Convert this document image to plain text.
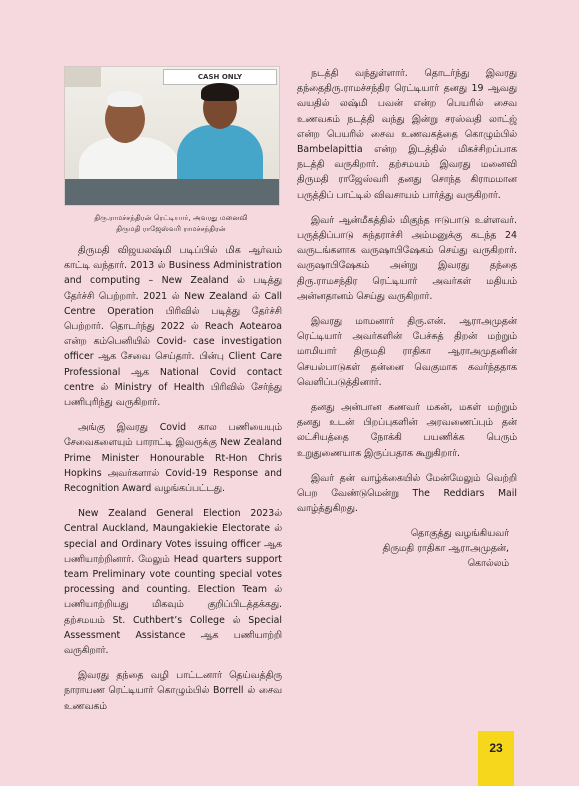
CASH ONLY
திரு.ராமச்சந்திரன் ரெட்டியார், அவரது மனைவி
திருமதி ராஜேஸ்வரி ராமச்சந்திரன்

திருமதி விஜயலஷ்மி படிப்பில் மிக ஆர்வம் காட்டி வந்தார். 2013 ல் Business Administration and computing – New Zealand ல் படித்து தேர்ச்சி பெற்றார். 2021 ல் New Zealand ல் Call Centre Operation பிரிவில் படித்து தேர்ச்சி பெற்றார். தொடர்ந்து 2022 ல் Reach Aotearoa என்ற கம்பெனியில் Covid- case investigation officer ஆக சேவை செய்தார். பின்பு Client Care Professional ஆக National Covid contact centre ல் Ministry of Health பிரிவில் சேர்ந்து பணிபுரிந்து வருகிறார்.

அங்கு இவரது Covid கால பணியையும் சேவைகளையும் பாராட்டி இவருக்கு New Zealand Prime Minister Honourable Rt-Hon Chris Hopkins அவர்களால் Covid-19 Response and Recognition Award வழங்கப்பட்டது.

New Zealand General Election 2023ல் Central Auckland, Maungakiekie Electorate ல் special and Ordinary Votes issuing officer ஆக பணியாற்றினார். மேலும் Head quarters support team Preliminary vote counting special votes processing and counting. Election Team ல் பணியாற்றியது மிகவும் குறிப்பிடத்தக்கது. தற்சமயம் St. Cuthbert’s College ல் Special Assessment Assistance ஆக பணியாற்றி வருகிறார்.

இவரது தந்தை வழி பாட்டனார் தெய்வத்திரு நாராயண ரெட்டியார் கொழும்பில் Borrell ல் சைவ உணவகம்

நடத்தி வந்துள்ளார். தொடர்ந்து இவரது தந்தைதிரு.ராமச்சந்திர ரெட்டியார் தனது 19 ஆவது வயதில் லஷ்மி பவன் என்ற பெயரில் சைவ உணவகம் நடத்தி வந்து இன்று சரஸ்வதி லாட்ஜ் என்ற பெயரில் சைவ உணவகத்தை கொழும்பில் Bambelapittia என்ற இடத்தில் மிகச்சிறப்பாக நடத்தி வருகிறார். தற்சமயம் இவரது மனைவி திருமதி ராஜேஸ்வரி தனது சொந்த கிராமமான பருத்திப் பாட்டில் விவசாயம் பார்த்து வருகிறார்.

இவர் ஆன்மீகத்தில் மிகுந்த ஈடுபாடு உள்ளவர். பருத்திப்பாடு சுந்தராச்சி அம்மனுக்கு கடந்த 24 வருடங்களாக வருஷாபிஷேகம் செய்து வருகிறார். வருஷாபிஷேகம் அன்று இவரது தந்தை திரு.ராமசந்திர ரெட்டியார் அவர்கள் மதியம் அன்னதானம் செய்து வருகிறார்.

இவரது மாமனார் திரு.என். ஆராஅமுதன் ரெட்டியார் அவர்களின் பேச்சுத் திறன் மற்றும் மாமியார் திருமதி ராதிகா ஆராஅமுதனின் செயல்பாடுகள் தன்னை வெகுமாக கவர்ந்ததாக வெளிப்படுத்தினார்.

தனது அன்பான கணவர் மகன், மகள் மற்றும் தனது உடன் பிறப்புகளின் அரவணைப்பும் தன் லட்சியத்தை நோக்கி பயணிக்க பெரும் உறுதுணையாக இருப்பதாக கூறுகிறார்.

இவர் தன் வாழ்க்கையில் மேன்மேலும் வெற்றி பெற வேண்டுமென்று The Reddiars Mail வாழ்த்துகிறது.

தொகுத்து வழங்கியவர்
திருமதி ராதிகா ஆராஅமுதன்,
கொல்லம்
23
